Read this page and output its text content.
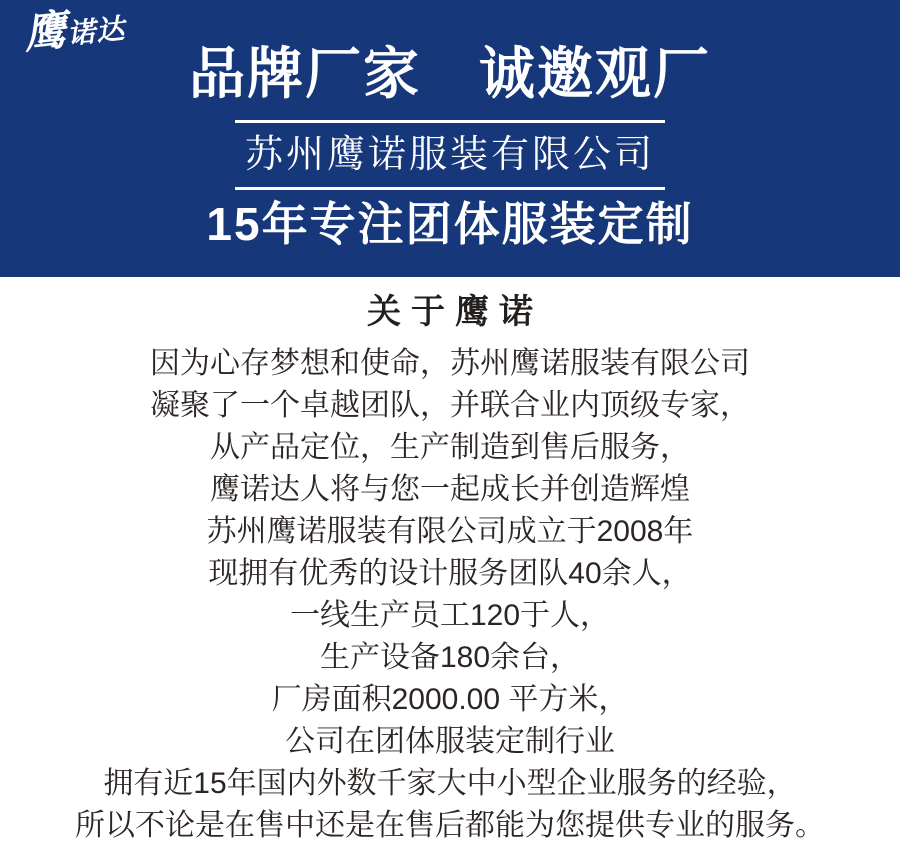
鹰诺达
品牌厂家　诚邀观厂
苏州鹰诺服装有限公司
15年专注团体服装定制
关于鹰诺

因为心存梦想和使命，苏州鹰诺服装有限公司

凝聚了一个卓越团队，并联合业内顶级专家，

从产品定位，生产制造到售后服务，

鹰诺达人将与您一起成长并创造辉煌

苏州鹰诺服装有限公司成立于2008年

现拥有优秀的设计服务团队40余人，

一线生产员工120于人，

生产设备180余台，

厂房面积2000.00 平方米，

公司在团体服装定制行业

拥有近15年国内外数千家大中小型企业服务的经验，

所以不论是在售中还是在售后都能为您提供专业的服务。
